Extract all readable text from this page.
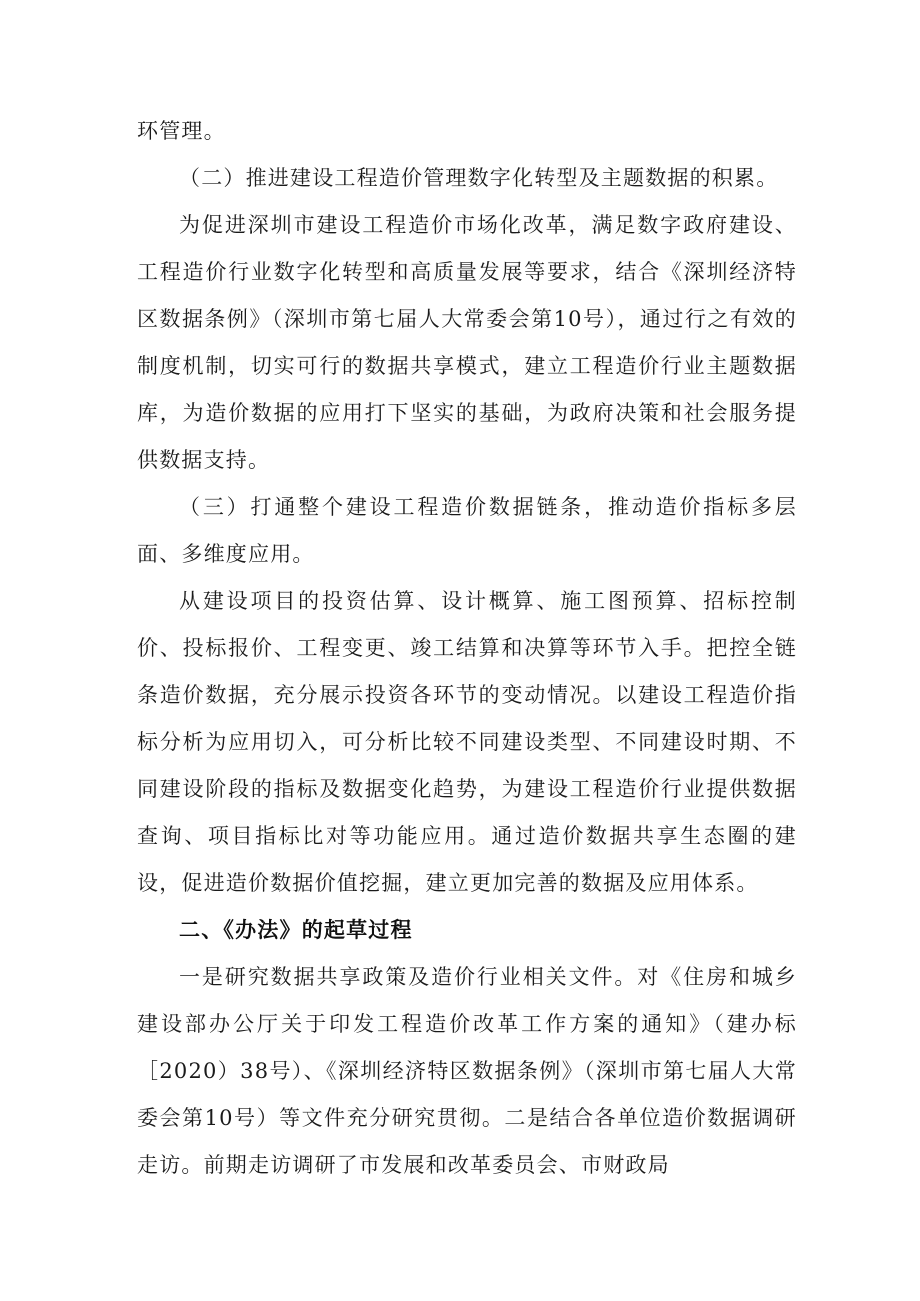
环管理。

（二）推进建设工程造价管理数字化转型及主题数据的积累。

为促进深圳市建设工程造价市场化改革，满足数字政府建设、工程造价行业数字化转型和高质量发展等要求，结合《深圳经济特区数据条例》（深圳市第七届人大常委会第10号），通过行之有效的制度机制，切实可行的数据共享模式，建立工程造价行业主题数据库，为造价数据的应用打下坚实的基础，为政府决策和社会服务提供数据支持。

（三）打通整个建设工程造价数据链条，推动造价指标多层面、多维度应用。

从建设项目的投资估算、设计概算、施工图预算、招标控制价、投标报价、工程变更、竣工结算和决算等环节入手。把控全链条造价数据，充分展示投资各环节的变动情况。以建设工程造价指标分析为应用切入，可分析比较不同建设类型、不同建设时期、不同建设阶段的指标及数据变化趋势，为建设工程造价行业提供数据查询、项目指标比对等功能应用。通过造价数据共享生态圈的建设，促进造价数据价值挖掘，建立更加完善的数据及应用体系。

二、《办法》的起草过程

一是研究数据共享政策及造价行业相关文件。对《住房和城乡建设部办公厅关于印发工程造价改革工作方案的通知》（建办标［2020）38号）、《深圳经济特区数据条例》（深圳市第七届人大常委会第10号）等文件充分研究贯彻。二是结合各单位造价数据调研走访。前期走访调研了市发展和改革委员会、市财政局
